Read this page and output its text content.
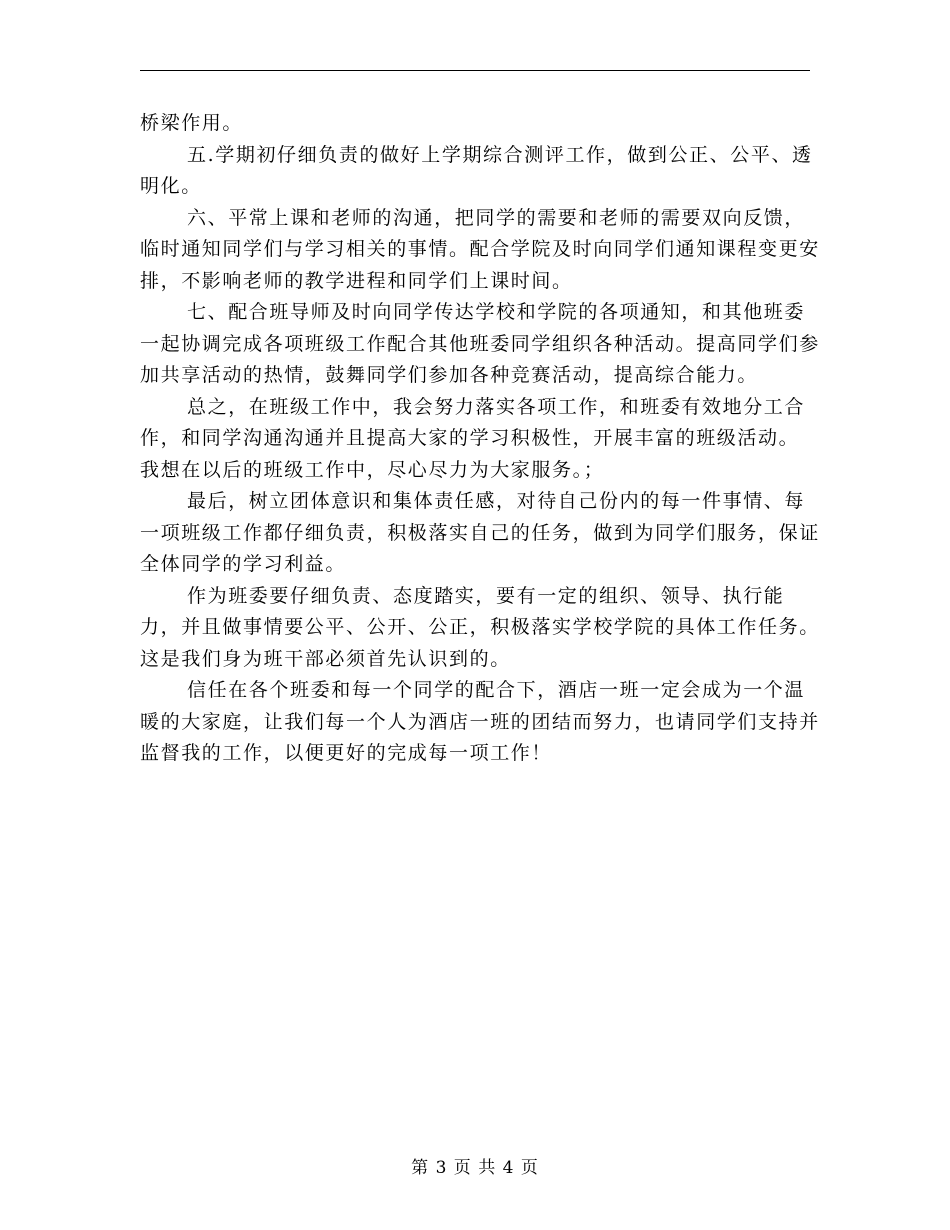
桥梁作用。

五.学期初仔细负责的做好上学期综合测评工作，做到公正、公平、透明化。

六、平常上课和老师的沟通，把同学的需要和老师的需要双向反馈，临时通知同学们与学习相关的事情。配合学院及时向同学们通知课程变更安排，不影响老师的教学进程和同学们上课时间。

七、配合班导师及时向同学传达学校和学院的各项通知，和其他班委一起协调完成各项班级工作配合其他班委同学组织各种活动。提高同学们参加共享活动的热情，鼓舞同学们参加各种竞赛活动，提高综合能力。

总之，在班级工作中，我会努力落实各项工作，和班委有效地分工合作，和同学沟通沟通并且提高大家的学习积极性，开展丰富的班级活动。 我想在以后的班级工作中，尽心尽力为大家服务。；

最后，树立团体意识和集体责任感，对待自己份内的每一件事情、每一项班级工作都仔细负责，积极落实自己的任务，做到为同学们服务，保证全体同学的学习利益。

作为班委要仔细负责、态度踏实，要有一定的组织、领导、执行能力，并且做事情要公平、公开、公正，积极落实学校学院的具体工作任务。这是我们身为班干部必须首先认识到的。

信任在各个班委和每一个同学的配合下，酒店一班一定会成为一个温暖的大家庭，让我们每一个人为酒店一班的团结而努力，也请同学们支持并监督我的工作，以便更好的完成每一项工作！

第 3 页 共 4 页
